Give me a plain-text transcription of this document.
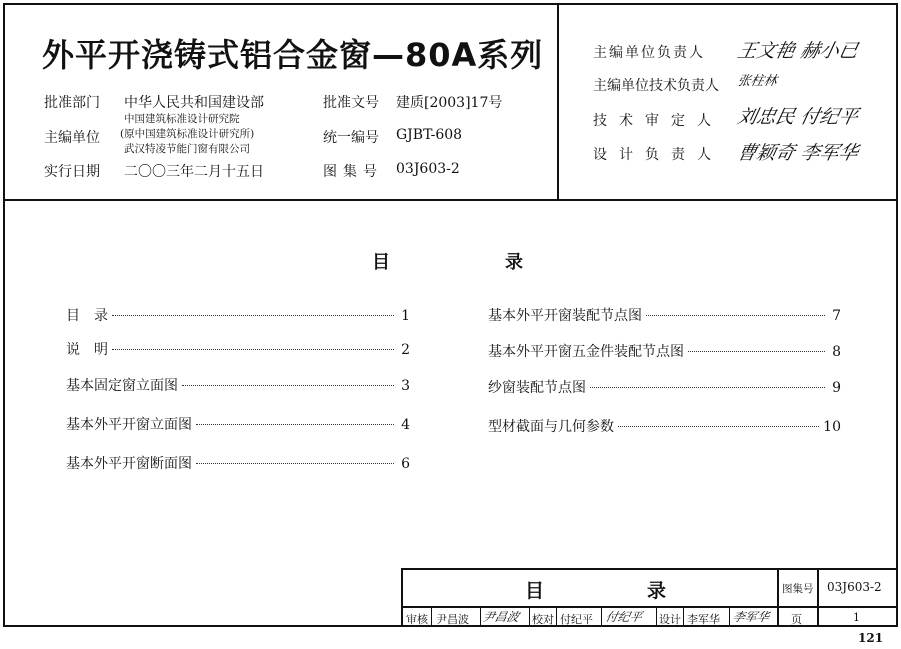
外平开浇铸式铝合金窗—80A系列
批准部门 中华人民共和国建设部
主编单位
中国建筑标准设计研究院
(原中国建筑标准设计研究所)
武汉特凌节能门窗有限公司
实行日期 二〇〇三年二月十五日
批准文号 建质[2003]17号
统一编号 GJBT-608
图集号 03J603-2
主编单位负责人 王文艳 赫小已
主编单位技术负责人 张柱林
技术审定人 刘忠民 付纪平
设计负责人 曹颖奇 李军华
目	录
目　录	1
说　明	2
基本固定窗立面图	3
基本外平开窗立面图	4
基本外平开窗断面图	6
基本外平开窗装配节点图	7
基本外平开窗五金件装配节点图	8
纱窗装配节点图	9
型材截面与几何参数	10
目	录	图集号 03J603-2
审核 尹昌波 尹昌波 校对 付纪平 付纪平 设计 李军华 李军华 页	1
121
